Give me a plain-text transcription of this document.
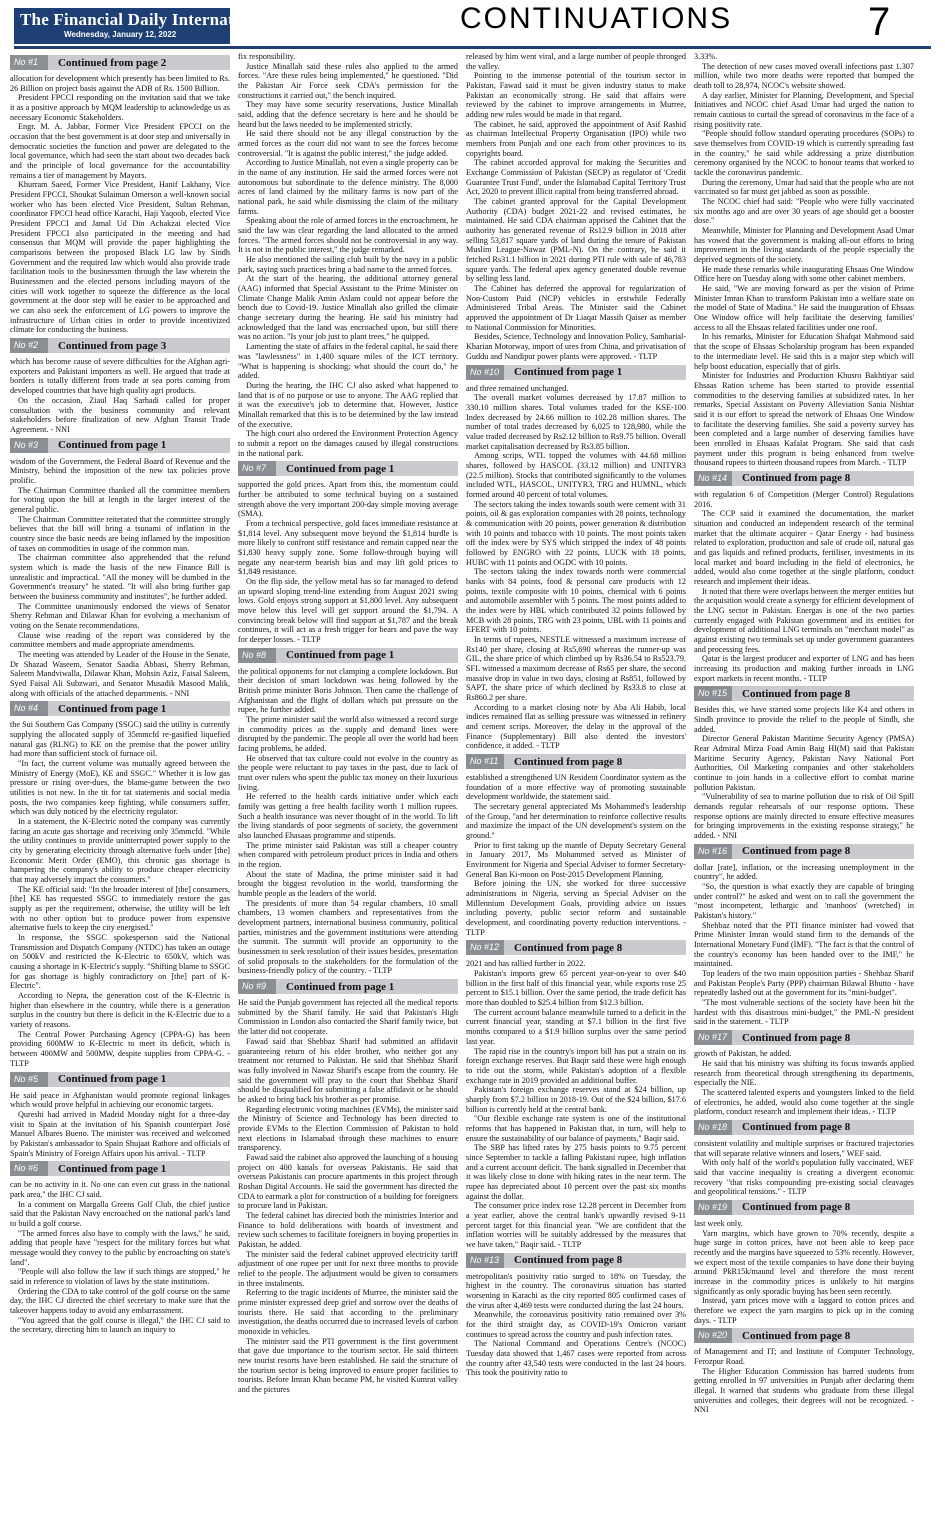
The Financial Daily International
Wednesday, January 12, 2022	CONTINUATIONS	7
No #1	Continued from page 2

allocation for development which presently has been limited to Rs. 26 Billion on project basis against the ADB of Rs. 1500 Billion.

President FPCCI responding on the invitation said that we take it as a positive approach by MQM leadership to acknowledge us as necessary Economic Stakeholders.

Engr. M. A. Jabbar, Former Vice President FPCCI on the occasion that the best government is at door step and universally in democratic societies the function and power are delegated to the local governance, which had seen the start about two decades back and the principle of local governance for the accountability remains a tier of management by Mayors.

Khurram Saeed, Former Vice President, Hanif Lakhany, Vice President FPCCI, Shoukat Sulaiman Omerson a well-known social worker who has been elected Vice President, Sultan Rehman, coordinator FPCCI head office Karachi, Haji Yaqoob, elected Vice President FPCCI and Jamal Ud Din Achakzai elected Vice President FPCCI also participated in the meeting and had consensus that MQM will provide the paper highlighting the comparisons between the proposed Black LG law by Sindh Government and the required law which would also provide trade facilitation tools to the businessmen through the law wherein the Businessmen and the elected persons including mayors of the cities will work together to squeeze the difference as the local government at the door step will be easier to be approached and we can also seek the enforcement of LG powers to improve the infrastructure of Urban cities in order to provide incentivized climate for conducting the business.

No #2	Continued from page 3

which has become cause of severe difficulties for the Afghan agri-exporters and Pakistani importers as well. He argued that trade at borders is totally different from trade at sea ports coming from developed countries that have high quality agri products.

On the occasion, Ziaul Haq Sarhadi called for proper consultation with the business community and relevant stakeholders before finalization of new Afghan Transit Trade Agreement. - NNI

No #3	Continued from page 1

wisdom of the Government, the Federal Board of Revenue and the Ministry, behind the imposition of the new tax policies prove prolific.

The Chairman Committee thanked all the committee members for voting upon the bill at length in the larger interest of the general public.

The Chairman Committee reiterated that the committee strongly believes that the bill will bring a tsunami of inflation in the country since the basic needs are being inflamed by the imposition of taxes on commodities in usage of the common man.

The chairman committee also apprehended that the refund system which is made the basis of the new Finance Bill is unrealistic and impractical. "All the money will be dumbed in the Government's treasury" he stated. "It will also bring further gap between the business community and institutes", he further added.

The Committee unanimously endorsed the views of Senator Sherry Rehman and Dilawar Khan for evolving a mechanism of voting on the Senate recommendations.

Clause wise reading of the report was considered by the committee members and made appropriate amendments.

The meeting was attended by Leader of the House in the Senate, Dr Shazad Waseem, Senator Saadia Abbasi, Sherry Rehman, Saleem Mandviwalla, Dilawar Khan, Mohsin Aziz, Faisal Saleem, Syed Faisal Ali Subzwari, and Senator Musadik Masood Malik, along with officials of the attached departments. - NNI

No #4	Continued from page 1

the Sui Southern Gas Company (SSGC) said the utility is currently supplying the allocated supply of 35mmcfd re-gasified liquefied natural gas (RLNG) to KE on the premise that the power utility had more than sufficient stock of furnace oil.

"In fact, the current volume was mutually agreed between the Ministry of Energy (MoE), KE and SSGC." Whether it is low gas pressure or rising over-dues, the blame-game between the two utilities is not new. In the tit for tat statements and social media posts, the two companies keep fighting, while consumers suffer, which was duly noticed by the electricity regulator.

In a statement, the K-Electric noted the company was currently facing an acute gas shortage and receiving only 35mmcfd. "While the utility continues to provide uninterrupted power supply to the city by generating electricity through alternative fuels under [the] Economic Merit Order (EMO), this chronic gas shortage is hampering the company's ability to produce cheaper electricity that may adversely impact the consumers."

The KE official said: "In the broader interest of [the] consumers, [the] KE has requested SSGC to immediately restore the gas supply as per the requirement, otherwise, the utility will be left with no other option but to produce power from expensive alternative fuels to keep the city energised."

In response, the SSGC spokesperson said the National Transmission and Dispatch Company (NTDC) has taken an outage on 500kV and restricted the K-Electric to 650kV, which was causing a shortage in K-Electric's supply. "Shifting blame to SSGC for gas shortage is highly contradictory on [the] part of K-Electric".

According to Nepra, the generation cost of the K-Electric is higher than elsewhere in the country, while there is a generation surplus in the country but there is deficit in the K-Electric due to a variety of reasons.

The Central Power Purchasing Agency (CPPA-G) has been providing 600MW to K-Electric to meet its deficit, which is between 400MW and 500MW, despite supplies from CPPA-G. - TLTP

No #5	Continued from page 1

He said peace in Afghanistan would promote regional linkages which would prove helpful in achieving our economic targets.

Qureshi had arrived in Madrid Monday night for a three-day visit to Spain at the invitation of his Spanish counterpart José Manuel Albares Bueno. The minister was received and welcomed by Pakistan's ambassador to Spain Shujaat Rathore and officials of Spain's Ministry of Foreign Affairs upon his arrival. - TLTP

No #6	Continued from page 1

can be no activity in it. No one can even cut grass in the national park area," the IHC CJ said.

In a comment on Margalla Greens Golf Club, the chief justice said that the Pakistan Navy encroached on the national park's land to build a golf course.

"The armed forces also have to comply with the laws," he said, adding that people have "respect for the military forces but what message would they convey to the public by encroaching on state's land".

"People will also follow the law if such things are stopped," he said in reference to violation of laws by the state institutions.

Ordering the CDA to take control of the golf course on the same day, the IHC CJ directed the chief secretary to make sure that the takeover happens today to avoid any embarrassment.

"You agreed that the golf course is illegal," the IHC CJ said to the secretary, directing him to launch an inquiry to

fix responsibility.

Justice Minallah said these rules also applied to the armed forces. "Are these rules being implemented," he questioned. "Did the Pakistan Air Force seek CDA's permission for the constructions it carried out," the bench inquired.

They may have some security reservations, Justice Minallah said, adding that the defence secretary is here and he should be heard but the laws needed to be implemented strictly.

He said there should not be any illegal construction by the armed forces as the court did not want to see the forces become controversial. "It is against the public interest," the judge added.

According to Justice Minallah, not even a single property can be in the name of any institution. He said the armed forces were not autonomous but subordinate to the defence ministry. The 8,000 acres of land claimed by the military farms is now part of the national park, he said while dismissing the claim of the military farms.

Speaking about the role of armed forces in the encroachment, he said the law was clear regarding the land allocated to the armed forces. "The armed forces should not be controversial in any way. It is not in the public interest," the judge remarked.

He also mentioned the sailing club built by the navy in a public park, saying such practices bring a bad name to the armed forces.

At the start of the hearing, the additional attorney general (AAG) informed that Special Assistant to the Prime Minister on Climate Change Malik Amin Aslam could not appear before the bench due to Covid-19. Justice Minallah also grilled the climate change secretary during the hearing. He said his ministry had acknowledged that the land was encroached upon, but still there was no action. "Is your job just to plant trees," he quipped.

Lamenting the state of affairs in the federal capital, he said there was "lawlessness" in 1,400 square miles of the ICT territory. "What is happening is shocking; what should the court do," he added.

During the hearing, the IHC CJ also asked what happened to land that is of no purpose or use to anyone. The AAG replied that it was the executive's job to determine that. However, Justice Minallah remarked that this is to be determined by the law instead of the executive.

The high court also ordered the Environment Protection Agency to submit a report on the damages caused by illegal constructions in the national park.

No #7	Continued from page 1

supported the gold prices. Apart from this, the momentum could further be attributed to some technical buying on a sustained strength above the very important 200-day simple moving average (SMA).

From a technical perspective, gold faces immediate resistance at $1,814 level. Any subsequent move beyond the $1,814 hurdle is more likely to confront stiff resistance and remain capped near the $1,830 heavy supply zone. Some follow-through buying will negate any near-term bearish bias and may lift gold prices to $1,849 resistance.

On the flip side, the yellow metal has so far managed to defend an upward sloping trend-line extending from August 2021 swing lows. Gold enjoys strong support at $1,800 level. Any subsequent move below this level will get support around the $1,794. A convincing break below will find support at $1,787 and the break continues, it will act as a fresh trigger for bears and pave the way for deeper losses. - TLTP

No #8	Continued from page 1

the political opponents for not clamping a complete lockdown. But their decision of smart lockdown was being followed by the British prime minister Boris Johnson. Then came the challenge of Afghanistan and the flight of dollars which put pressure on the rupee, he further added.

The prime minister said the world also witnessed a record surge in commodity prices as the supply and demand lines were disrupted by the pandemic. The people all over the world had been facing problems, he added.

He observed that tax culture could not evolve in the country as the people were reluctant to pay taxes in the past, due to lack of trust over rulers who spent the public tax money on their luxurious living.

He referred to the health cards initiative under which each family was getting a free health facility worth 1 million rupees. Such a health insurance was never thought of in the world. To lift the living standards of poor segments of society, the government also launched Ehasaas programme and stipends.

The prime minister said Pakistan was still a cheaper country when compared with petroleum product prices in India and others in the region.

About the state of Madina, the prime minister said it had brought the biggest revolution in the world, transforming the humble people as the leaders of the world.

The presidents of more than 54 regular chambers, 10 small chambers, 13 women chambers and representatives from the development partners, international business community, political parties, ministries and the government institutions were attending the summit. The summit will provide an opportunity to the businessmen to seek resolution of their issues besides, presentation of solid proposals to the stakeholders for the formulation of the business-friendly policy of the country. - TLTP

No #9	Continued from page 1

He said the Punjab government has rejected all the medical reports submitted by the Sharif family. He said that Pakistan's High Commission in London also contacted the Sharif family twice, but the latter did not cooperate.

Fawad said that Shehbaz Sharif had submitted an affidavit guaranteeing return of his elder brother, who neither got any treatment nor returned to Pakistan. He said that Shehbaz Sharif was fully involved in Nawaz Sharif's escape from the country. He said the government will pray to the court that Shehbaz Sharif should be disqualified for submitting a false affidavit or he should be asked to bring back his brother as per promise.

Regarding electronic voting machines (EVMs), the minister said the Ministry of Science and Technology has been directed to provide EVMs to the Election Commission of Pakistan to hold next elections in Islamabad through these machines to ensure transparency.

Fawad said the cabinet also approved the launching of a housing project on 400 kanals for overseas Pakistanis. He said that overseas Pakistanis can procure apartments in this project through Roshan Digital Accounts. He said the government has directed the CDA to earmark a plot for construction of a building for foreigners to procure land in Pakistan.

The federal cabinet has directed both the ministries Interior and Finance to hold deliberations with boards of investment and review such schemes to facilitate foreigners in buying properties in Pakistan, he added.

The minister said the federal cabinet approved electricity tariff adjustment of one rupee per unit for next three months to provide relief to the people. The adjustment would be given to consumers in three instalments.

Referring to the tragic incidents of Murree, the minister said the prime minister expressed deep grief and sorrow over the deaths of tourists there. He said that according to the preliminary investigation, the deaths occurred due to increased levels of carbon monoxide in vehicles.

The minister said the PTI government is the first government that gave due importance to the tourism sector. He said thirteen new tourist resorts have been established. He said the structure of the tourism sector is being improved to ensure proper facilities to tourists. Before Imran Khan became PM, he visited Kumrat valley and the pictures

released by him went viral, and a large number of people thronged the valley.

Pointing to the immense potential of the tourism sector in Pakistan, Fawad said it must be given industry status to make Pakistan an economically strong. He said that affairs were reviewed by the cabinet to improve arrangements in Murree, adding new rules would be made in that regard.

The cabinet, he said, approved the appointment of Asif Rashid as chairman Intellectual Property Organisation (IPO) while two members from Punjab and one each from other provinces to its copyrights board.

The cabinet accorded approval for making the Securities and Exchange Commission of Pakistan (SECP) as regulator of 'Credit Guarantee Trust Fund', under the Islamabad Capital Territory Trust Act, 2020 to prevent illicit capital from being transferred abroad.

The cabinet granted approval for the Capital Development Authority (CDA) budget 2021-22 and revised estimates, he maintained. He said CDA chairman apprised the Cabinet that the authority has generated revenue of Rs12.9 billion in 2018 after selling 53,817 square yards of land during the tenure of Pakistan Muslim League-Nawaz (PML-N). On the contrary, he said it fetched Rs31.1 billion in 2021 during PTI rule with sale of 46,783 square yards. The federal apex agency generated double revenue by selling less land.

The Cabinet has deferred the approval for regularization of Non-Custom Paid (NCP) vehicles in erstwhile Federally Administered Tribal Areas. The Minister said the Cabinet approved the appointment of Dr Liaqat Massih Qaiser as member to National Commission for Minorities.

Besides, Science, Technology and Innovation Policy, Sambarial-Kharian Motorway, import of ures from China, and privatisation of Guddu and Nandipur power plants were approved. - TLTP

No #10	Continued from page 1

and three remained unchanged.

The overall market volumes decreased by 17.87 million to 330.10 million shares. Total volumes traded for the KSE-100 Index decreased by 24.66 million to 102.28 million shares. The number of total trades decreased by 6,025 to 128,980, while the value traded decreased by Rs2.12 billion to Rs9.75 billion. Overall market capitalisation decreased by Rs3.85 billion.

Among scrips, WTL topped the volumes with 44.68 million shares, followed by HASCOL (33.12 million) and UNITYR3 (22.5 million). Stocks that contributed significantly to the volumes included WTL, HASCOL, UNITYR3, TRG and HUMNL, which formed around 40 percent of total volumes.

The sectors taking the index towards south were cement with 31 points, oil & gas exploration companies with 28 points, technology & communication with 20 points, power generation & distribution with 10 points and tobacco with 10 points. The most points taken off the index were by SYS which stripped the index of 48 points followed by ENGRO with 22 points, LUCK with 18 points, HUBC with 11 points and OGDC with 10 points.

The sectors taking the index towards north were commercial banks with 84 points, food & personal care products with 12 points, textile composite with 10 points, chemical with 6 points and automobile assembler with 5 points. The most points added to the index were by HBL which contributed 32 points followed by MCB with 28 points, TRG with 23 points, UBL with 11 points and EFERT with 10 points.

In terms of rupees, NESTLE witnessed a maximum increase of Rs140 per share, closing at Rs5,690 whereas the runner-up was GIL, the share price of which climbed up by Rs36.54 to Rs523.79. SFL witnessed a maximum decrease of Rs65 per share, the second massive drop in value in two days, closing at Rs851, followed by SAPT, the share price of which declined by Rs33.8 to close at Rs860.2 per share.

According to a market closing note by Aba Ali Habib, local indices remained flat as selling pressure was witnessed in refinery and cement scrips. Moreover, the delay in the approval of the Finance (Supplementary) Bill also dented the investors' confidence, it added. - TLTP

No #11	Continued from page 8

established a strengthened UN Resident Coordinator system as the foundation of a more effective way of promoting sustainable development worldwide, the statement said.

The secretary general appreciated Ms Mohammed's leadership of the Group, "and her determination to reinforce collective results and maximize the impact of the UN development's system on the ground."

Prior to first taking up the mantle of Deputy Secretary General in January 2017, Ms Mohammed served as Minister of Environment for Nigeria and Special Adviser to former Secretary-General Ban Ki-moon on Post-2015 Development Planning.

Before joining the UN, she worked for three successive administrations in Nigeria, serving as Special Adviser on the Millennium Development Goals, providing advice on issues including poverty, public sector reform and sustainable development, and coordinating poverty reduction interventions. - TLTP

No #12	Continued from page 8

2021 and has rallied further in 2022.

Pakistan's imports grew 65 percent year-on-year to over $40 billion in the first half of this financial year, while exports rose 25 percent to $15.1 billion. Over the same period, the trade deficit has more than doubled to $25.4 billion from $12.3 billion.

The current account balance meanwhile turned to a deficit in the current financial year, standing at $7.1 billion in the first five months compared to a $1.9 billion surplus over the same period last year.

The rapid rise in the country's import bill has put a strain on its foreign exchange reserves. But Baqir said these were high enough to ride out the storm, while Pakistan's adoption of a flexible exchange rate in 2019 provided an additional buffer.

Pakistan's foreign exchange reserves stand at $24 billion, up sharply from $7.2 billion in 2018-19. Out of the $24 billion, $17.6 billion is currently held at the central bank.

"Our flexible exchange rate system is one of the institutional reforms that has happened in Pakistan that, in turn, will help to ensure the sustainability of our balance of payments," Baqir said.

The SBP has lifted rates by 275 basis points to 9.75 percent since September to tackle a falling Pakistani rupee, high inflation and a current account deficit. The bank signalled in December that it was likely close to done with hiking rates in the near term. The rupee has depreciated about 10 percent over the past six months against the dollar.

The consumer price index rose 12.28 percent in December from a year earlier, above the central bank's upwardly revised 9-11 percent target for this financial year. "We are confident that the inflation worries will be suitably addressed by the measures that we have taken," Baqir said. - TLTP

No #13	Continued from page 8

metropolitan's positivity ratio surged to 18% on Tuesday, the highest in the country. The coronavirus situation has started worsening in Karachi as the city reported 805 confirmed cases of the virus after 4,469 tests were conducted during the last 24 hours.

Meanwhile, the coronavirus positivity ratio remained over 3% for the third straight day, as COVID-19's Omicron variant continues to spread across the country and push infection rates.

The National Command and Operations Centre's (NCOC) Tuesday data showed that 1,467 cases were reported from across the country after 43,540 tests were conducted in the last 24 hours. This took the positivity ratio to

3.33%.

The detection of new cases moved overall infections past 1.307 million, while two more deaths were reported that bumped the death toll to 28,974, NCOC's website showed.

A day earlier, Minister for Planning, Development, and Special Initiatives and NCOC chief Asad Umar had urged the nation to remain cautious to curtail the spread of coronavirus in the face of a rising positivity rate.

"People should follow standard operating procedures (SOPs) to save themselves from COVID-19 which is currently spreading fast in the country," he said while addressing a prize distribution ceremony organised by the NCOC to honour teams that worked to tackle the coronavirus pandemic.

During the ceremony, Umar had said that the people who are not vaccinated so far must get jabbed as soon as possible.

The NCOC chief had said: "People who were fully vaccinated six months ago and are over 30 years of age should get a booster dose."

Meanwhile, Minister for Planning and Development Asad Umar has vowed that the government is making all-out efforts to bring improvement in the living standards of the people especially the deprived segments of the society.

He made these remarks while inaugurating Ehsaas One Window Office here on Tuesday along with some other cabinet members.

He said, "We are moving forward as per the vision of Prime Minister Imran Khan to transform Pakistan into a welfare state on the model of State of Madina." He said the inauguration of Ehsaas One Window office will help facilitate the deserving families' access to all the Ehsaas related facilities under one roof.

In his remarks, Minister for Education Shafqat Mahmood said that the scope of Ehsaas Scholarship program has been expanded to the intermediate level. He said this is a major step which will help boost education, especially that of girls.

Minister for Industries and Production Khusro Bakhtiyar said Ehsaas Ration scheme has been started to provide essential commodities to the deserving families at subsidized rates. In her remarks, Special Assistant on Poverty Alleviation Sania Nishtar said it is our effort to spread the network of Ehsaas One Window to facilitate the deserving families. She said a poverty survey has been completed and a large number of deserving families have been enrolled in Ehsaas Kafalat Program. She said that cash payment under this program is being enhanced from twelve thousand rupees to thirteen thousand rupees from March. - TLTP

No #14	Continued from page 8

with regulation 6 of Competition (Merger Control) Regulations 2016.

The CCP said it examined the documentation, the market situation and conducted an independent research of the terminal market that the ultimate acquirer - Qatar Energy - had business related to exploration, production and sale of crude oil, natural gas and gas liquids and refined products, fertiliser, investments in its local market and board including in the field of electronics, he added, would also come together at the single platform, conduct research and implement their ideas.

It noted that there were overlaps between the merger entities but the acquisition would create a synergy for efficient development of the LNG sector in Pakistan. Energas is one of the two parties currently engaged with Pakistan government and its entities for development of additional LNG terminals on "merchant model" as against existing two terminals set up under government guarantees and processing fees.

Qatar is the largest producer and exporter of LNG and has been increasing its production and making further inroads in LNG export markets in recent months. - TLTP

No #15	Continued from page 8

Besides this, we have started some projects like K4 and others in Sindh province to provide the relief to the people of Sindh, she added.

Director General Pakistan Maritime Security Agency (PMSA) Rear Admiral Mirza Foad Amin Baig HI(M) said that Pakistan Maritime Security Agency, Pakistan Navy National Port Authorities, Oil Marketing companies and other stakeholders continue to join hands in a collective effort to combat marine pollution Pakistan.

"Vulnerability of sea to marine pollution due to risk of Oil Spill demands regular rehearsals of our response options. These response options are mainly directed to ensure effective measures for bringing improvements in the existing response strategy," he added. - NNI

No #16	Continued from page 8

dollar [rate], inflation, or the increasing unemployment in the country", he added.

"So, the question is what exactly they are capable of bringing under control?" he asked and went on to call the government the "most incompetent, lethargic and 'manhoos' (wretched) in Pakistan's history."

Shehbaz noted that the PTI finance minister had vowed that Prime Minister Imran would stand firm to the demands of the International Monetary Fund (IMF). "The fact is that the control of the country's economy has been handed over to the IMF," he maintained.

Top leaders of the two main opposition parties - Shehbaz Sharif and Pakistan People's Party (PPP) chairman Bilawal Bhutto - have repeatedly lashed out at the government for its "mini-budget".

"The most vulnerable sections of the society have been hit the hardest with this disastrous mini-budget," the PML-N president said in the statement. - TLTP

No #17	Continued from page 8

growth of Pakistan, he added.

He said that his ministry was shifting its focus towards applied research from theoretical through strengthening its departments, especially the NIE.

The scattered talented experts and youngsters linked to the field of electronics, he added, would also come together at the single platform, conduct research and implement their ideas. - TLTP

No #18	Continued from page 8

consistent volatility and multiple surprises or fractured trajectories that will separate relative winners and losers," WEF said.

With only half of the world's population fully vaccinated, WEF said that vaccine inequality is creating a divergent economic recovery "that risks compounding pre-existing social cleavages and geopolitical tensions." - TLTP

No #19	Continued from page 8

last week only.

Yarn margins, which have grown to 70% recently, despite a huge surge in cotton prices, have not been able to keep pace recently and the margins have squeezed to 53% recently. However, we expect most of the textile companies to have done their buying around PkR15k/maund level and therefore the most recent increase in the commodity prices is unlikely to hit margins significantly as only sporadic buying has been seen recently.

Instead, yarn prices move with a laggard to cotton prices and therefore we expect the yarn margins to pick up in the coming days. - TLTP

No #20	Continued from page 8

of Management and IT; and Institute of Computer Technology, Ferozpur Road.

The Higher Education Commission has barred students from getting enrolled in 97 universities in Punjab after declaring them illegal. It warned that students who graduate from these illegal universities and colleges, their degrees will not be recognized. - NNI
